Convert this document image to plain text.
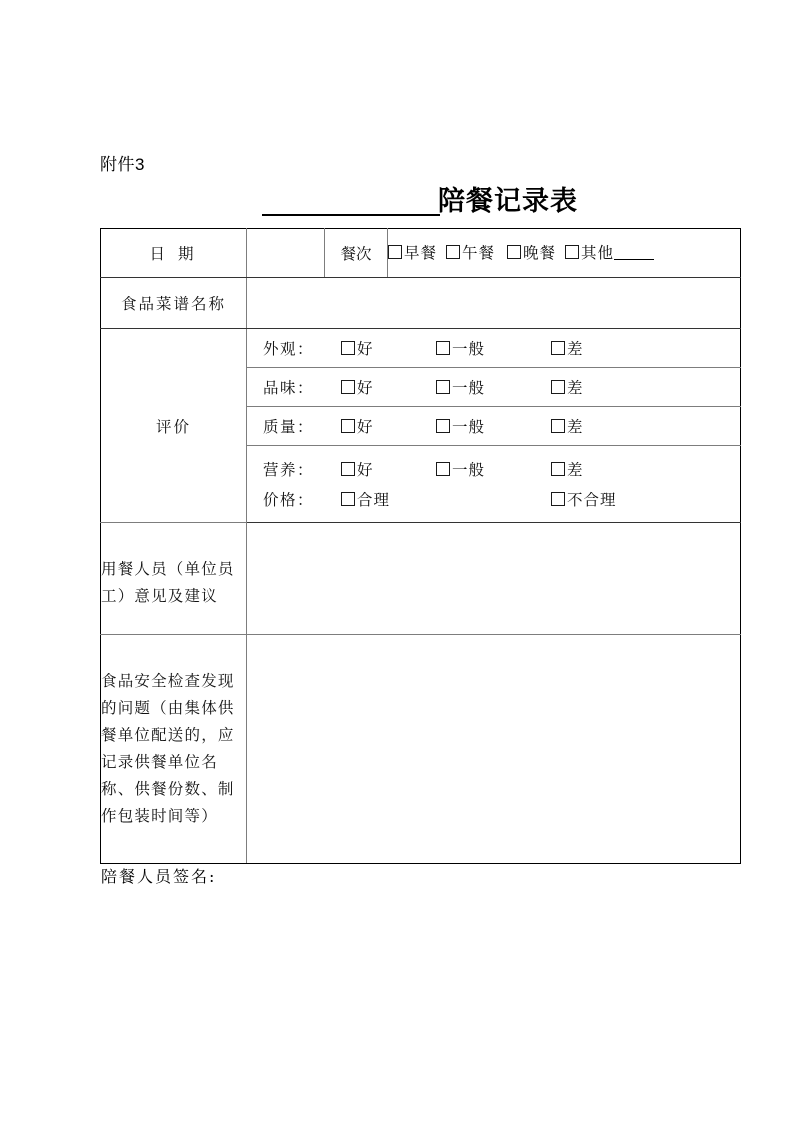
附件3
陪餐记录表
日 期		餐次	早餐 午餐 晚餐 其他

食品菜谱名称			
评价	外观： 好 一般 差		

	品味： 好 一般 差		

	质量： 好 一般 差		

	营养： 好 一般 差
价格： 合理 不合理		

用餐人员（单位员工）意见及建议			
食品安全检查发现的问题（由集体供餐单位配送的，应记录供餐单位名称、供餐份数、制作包装时间等）			
陪餐人员签名:
